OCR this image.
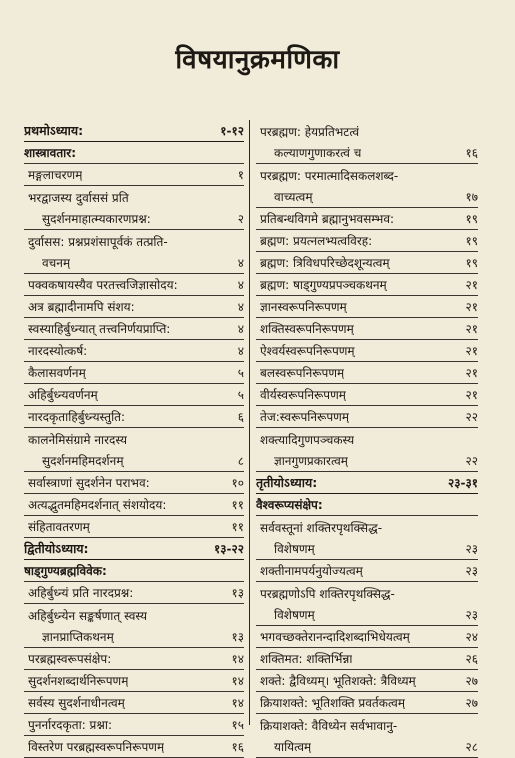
विषयानुक्रमणिका
प्रथमोऽध्याय:	१-१२
शास्त्रावतार:
मङ्गलाचरणम्	१
भरद्वाजस्य दुर्वाससं प्रति
सुदर्शनमाहात्म्यकारणप्रश्न:	२
दुर्वासस: प्रश्नप्रशंसापूर्वकं तत्प्रति-
वचनम्	४
पक्वकषायस्यैव परतत्त्वजिज्ञासोदय:	४
अत्र ब्रह्मादीनामपि संशय:	४
स्वस्याहिर्बुध्न्यात् तत्त्वनिर्णयप्राप्ति:	४
नारदस्योत्कर्ष:	४
कैलासवर्णनम्	५
अहिर्बुध्न्यवर्णनम्	५
नारदकृताहिर्बुध्न्यस्तुति:	६
कालनेमिसंग्रामे नारदस्य
सुदर्शनमहिमदर्शनम्	८
सर्वास्त्राणां सुदर्शनेन पराभव:	१०
अत्यद्भुतमहिमदर्शनात् संशयोदय:	११
संहितावतरणम्	११
द्वितीयोऽध्याय:	१३-२२
षाड्गुण्यब्रह्मविवेक:
अहिर्बुध्न्यं प्रति नारदप्रश्न:	१३
अहिर्बुध्न्येन सङ्कर्षणात् स्वस्य
ज्ञानप्राप्तिकथनम्	१३
परब्रह्मस्वरूपसंक्षेप:	१४
सुदर्शनशब्दार्थनिरूपणम्	१४
सर्वस्य सुदर्शनाधीनत्वम्	१४
पुनर्नारदकृता: प्रश्ना:	१५
विस्तरेण परब्रह्मस्वरूपनिरूपणम्	१६
परब्रह्मण: हेयप्रतिभटत्वं
कल्याणगुणाकरत्वं च	१६
परब्रह्मण: परमात्मादिसकलशब्द-
वाच्यत्वम्	१७
प्रतिबन्धविगमे ब्रह्मानुभवसम्भव:	१९
ब्रह्मण: प्रयत्नलभ्यत्वविरह:	१९
ब्रह्मण: त्रिविधपरिच्छेदशून्यत्वम्	१९
ब्रह्मण: षाड्गुण्यप्रपञ्चकथनम्	२१
ज्ञानस्वरूपनिरूपणम्	२१
शक्तिस्वरूपनिरूपणम्	२१
ऐश्वर्यस्वरूपनिरूपणम्	२१
बलस्वरूपनिरूपणम्	२१
वीर्यस्वरूपनिरूपणम्	२१
तेज:स्वरूपनिरूपणम्	२२
शक्त्यादिगुणपञ्चकस्य
ज्ञानगुणप्रकारत्वम्	२२
तृतीयोऽध्याय:	२३-३१
वैश्वरूप्यसंक्षेप:
सर्ववस्तूनां शक्तिरपृथक्सिद्ध-
विशेषणम्	२३
शक्तीनामपर्यनुयोज्यत्वम्	२३
परब्रह्मणोऽपि शक्तिरपृथक्सिद्ध-
विशेषणम्	२३
भगवच्छक्तेरानन्दादिशब्दाभिधेयत्वम्	२४
शक्तिमत: शक्तिर्भिन्ना	२६
शक्ते: द्वैविध्यम्। भूतिशक्ते: त्रैविध्यम्	२७
क्रियाशक्ते: भूतिशक्ति प्रवर्तकत्वम्	२७
क्रियाशक्ते: वैविध्येन सर्वभावानु-
यायित्वम्	२८
